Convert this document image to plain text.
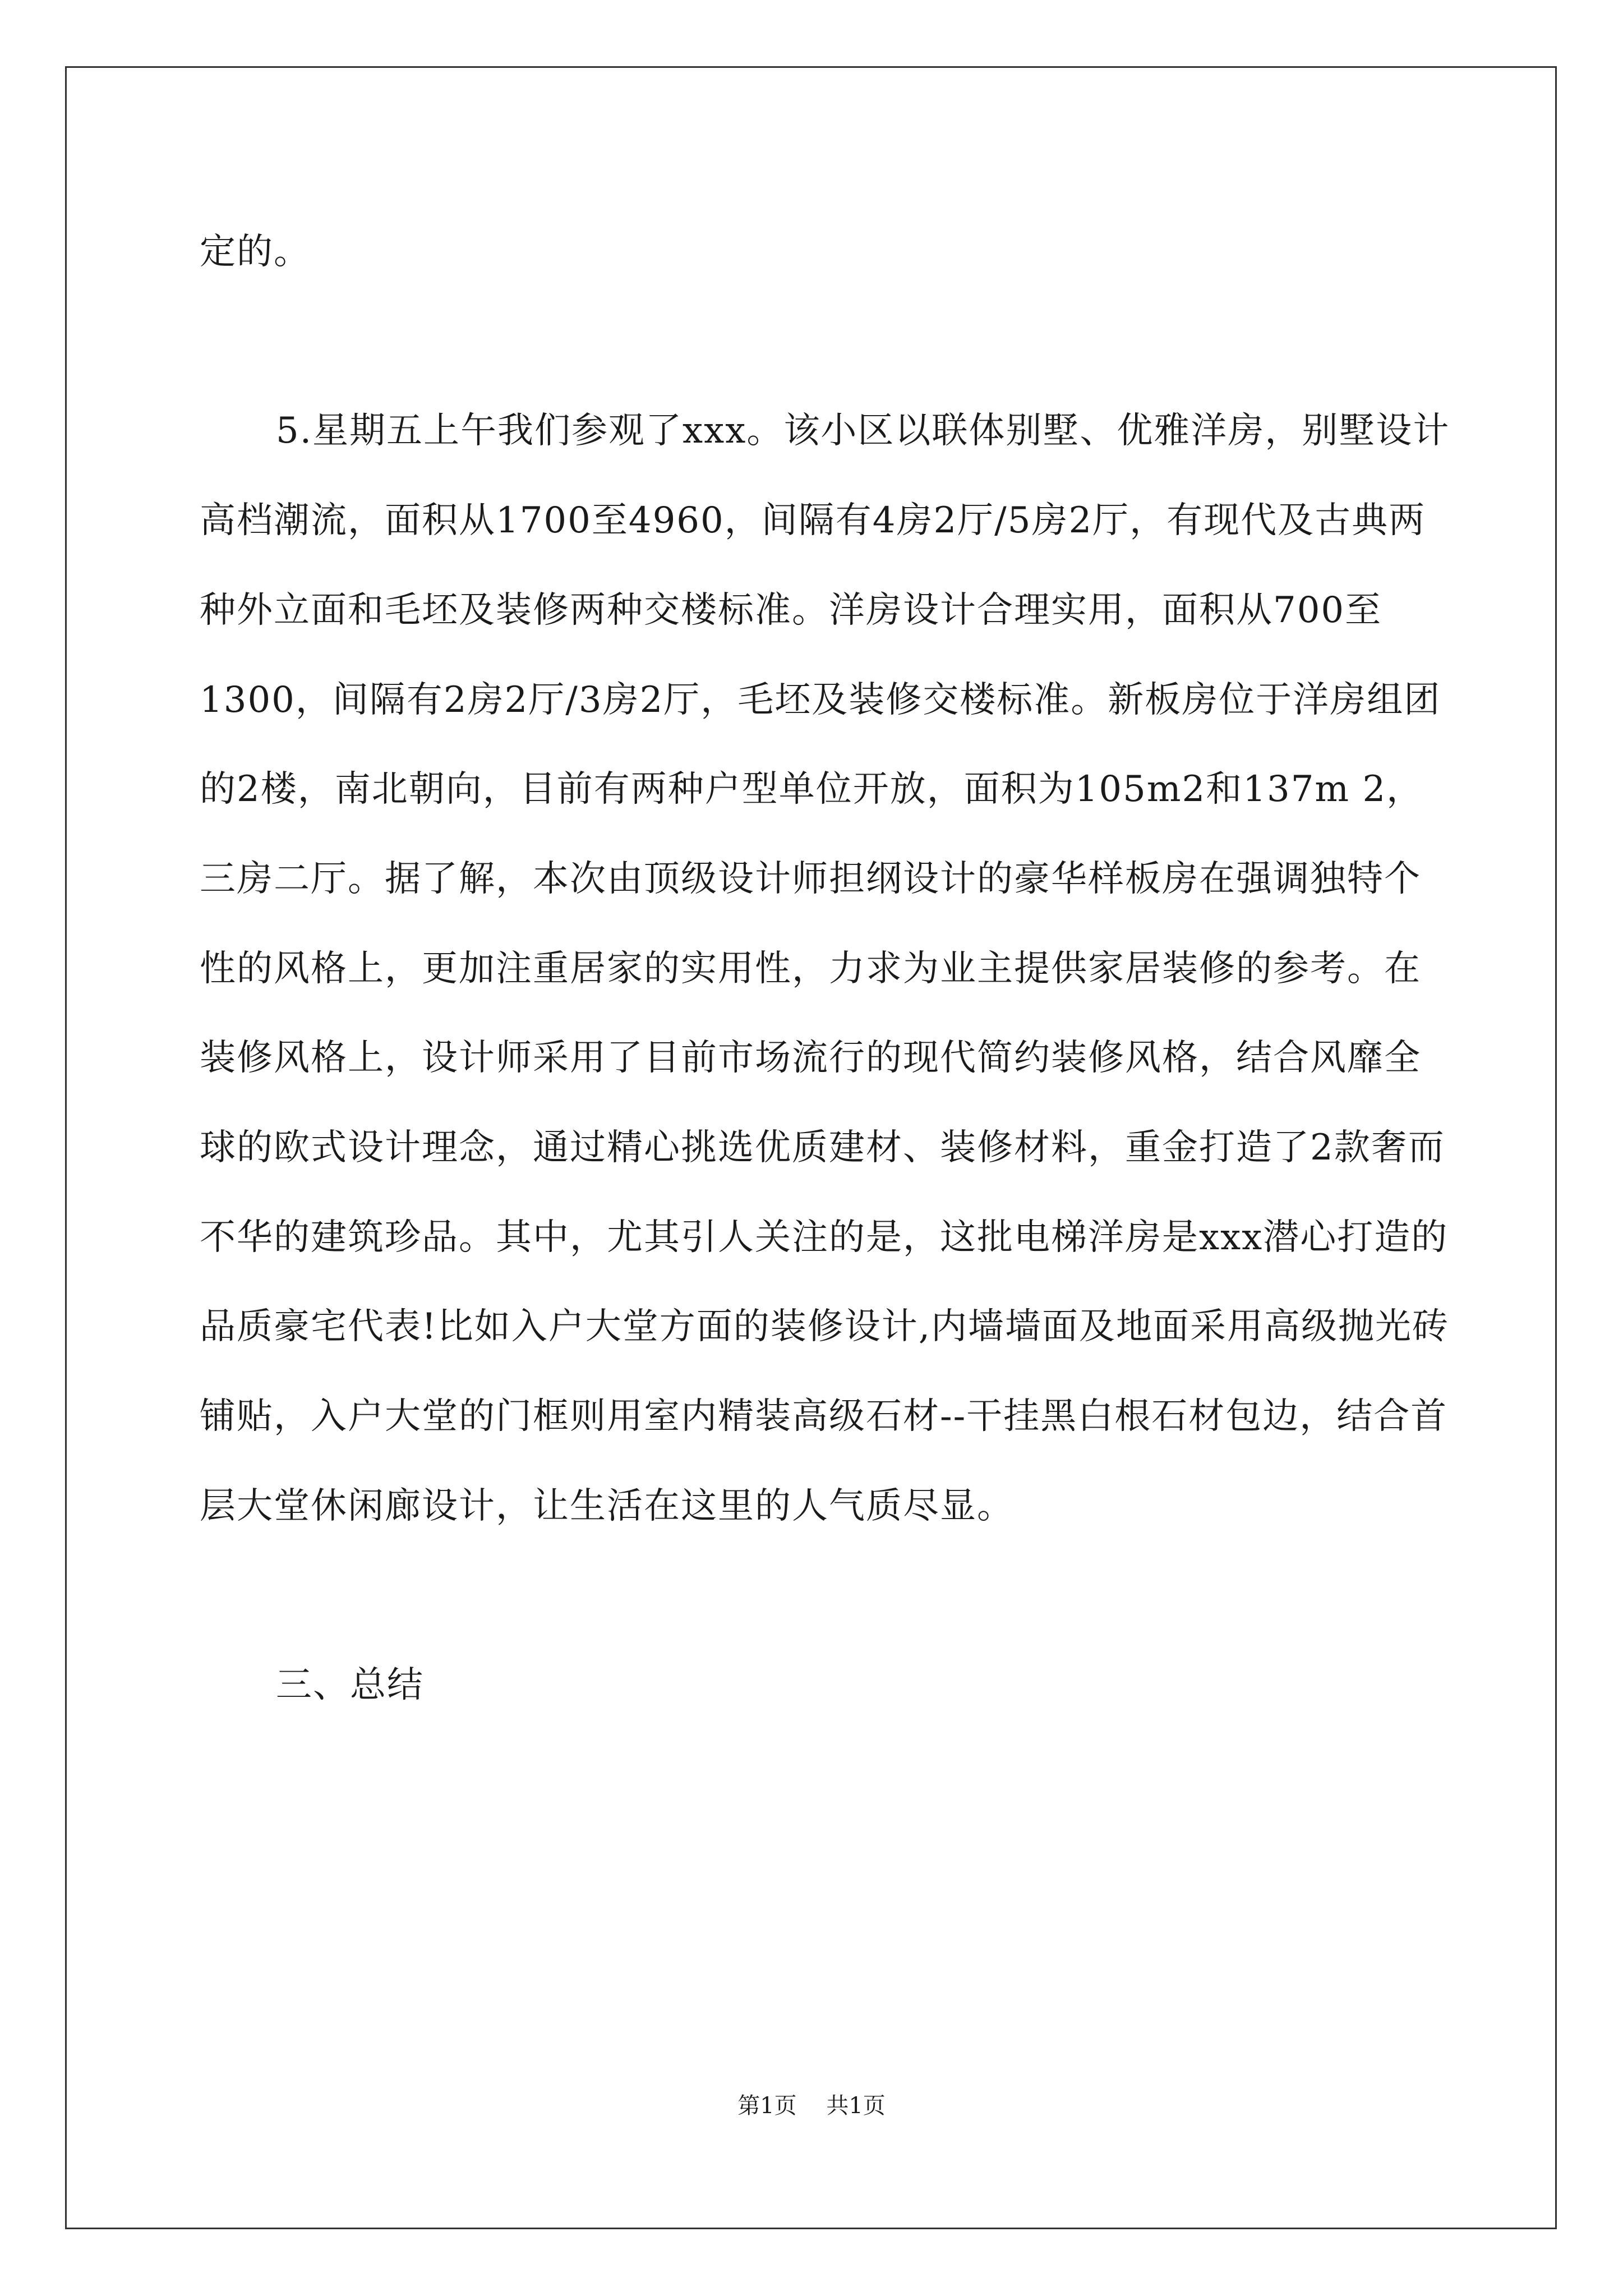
定的。

5.星期五上午我们参观了xxx。该小区以联体别墅、优雅洋房，别墅设计高档潮流，面积从1700至4960，间隔有4房2厅/5房2厅，有现代及古典两种外立面和毛坯及装修两种交楼标准。洋房设计合理实用，面积从700至1300，间隔有2房2厅/3房2厅，毛坯及装修交楼标准。新板房位于洋房组团的2楼，南北朝向，目前有两种户型单位开放，面积为105m2和137m 2，三房二厅。据了解，本次由顶级设计师担纲设计的豪华样板房在强调独特个性的风格上，更加注重居家的实用性，力求为业主提供家居装修的参考。在装修风格上，设计师采用了目前市场流行的现代简约装修风格，结合风靡全球的欧式设计理念，通过精心挑选优质建材、装修材料，重金打造了2款奢而不华的建筑珍品。其中，尤其引人关注的是，这批电梯洋房是xxx潜心打造的品质豪宅代表!比如入户大堂方面的装修设计,内墙墙面及地面采用高级抛光砖铺贴，入户大堂的门框则用室内精装高级石材--干挂黑白根石材包边，结合首层大堂休闲廊设计，让生活在这里的人气质尽显。

三、总结

第1页 共1页
